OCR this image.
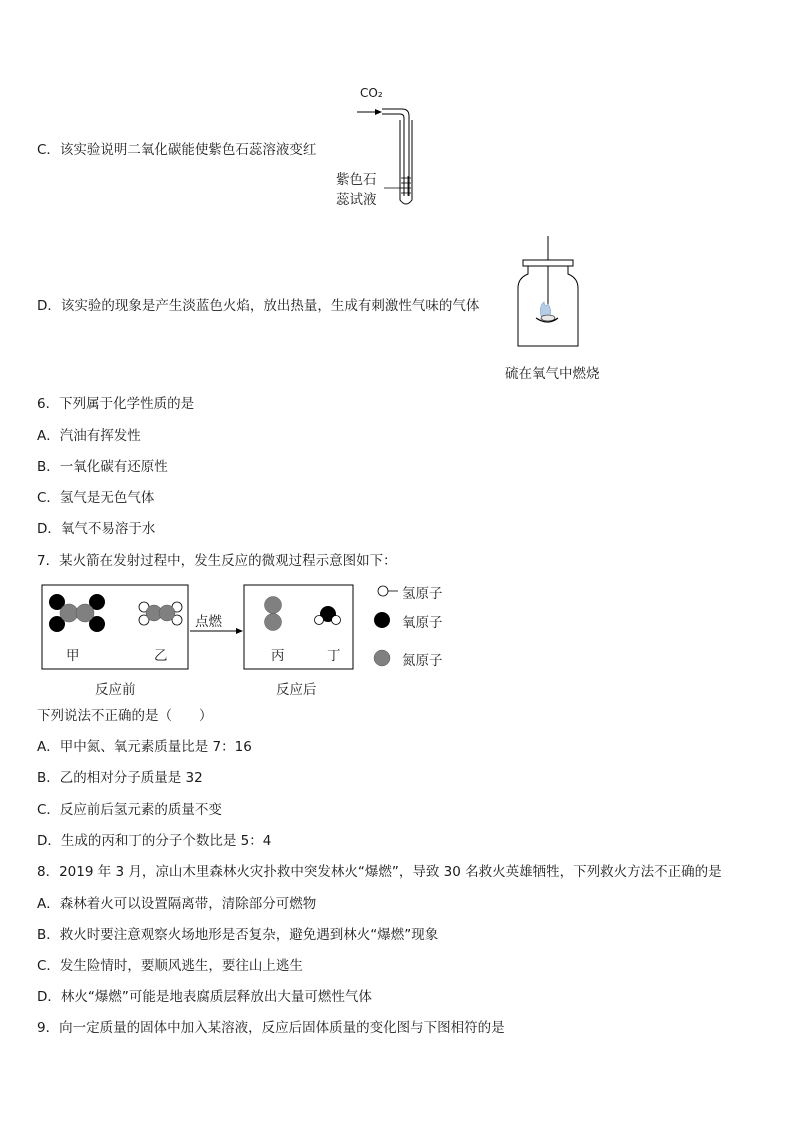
C．该实验说明二氧化碳能使紫色石蕊溶液变红
CO₂
紫色石
蕊试液
D．该实验的现象是产生淡蓝色火焰，放出热量，生成有刺激性气味的气体
硫在氧气中燃烧
6．下列属于化学性质的是
A．汽油有挥发性
B．一氧化碳有还原性
C．氢气是无色气体
D．氧气不易溶于水
7．某火箭在发射过程中，发生反应的微观过程示意图如下：
甲	乙
点燃
丙	丁
氢原子
氧原子
氮原子
反应前	反应后
下列说法不正确的是（　　）
A．甲中氮、氧元素质量比是 7：16
B．乙的相对分子质量是 32
C．反应前后氢元素的质量不变
D．生成的丙和丁的分子个数比是 5：4
8．2019 年 3 月，凉山木里森林火灾扑救中突发林火“爆燃”，导致 30 名救火英雄牺牲，下列救火方法不正确的是
A．森林着火可以设置隔离带，清除部分可燃物
B．救火时要注意观察火场地形是否复杂，避免遇到林火“爆燃”现象
C．发生险情时，要顺风逃生，要往山上逃生
D．林火“爆燃”可能是地表腐质层释放出大量可燃性气体
9．向一定质量的固体中加入某溶液，反应后固体质量的变化图与下图相符的是
